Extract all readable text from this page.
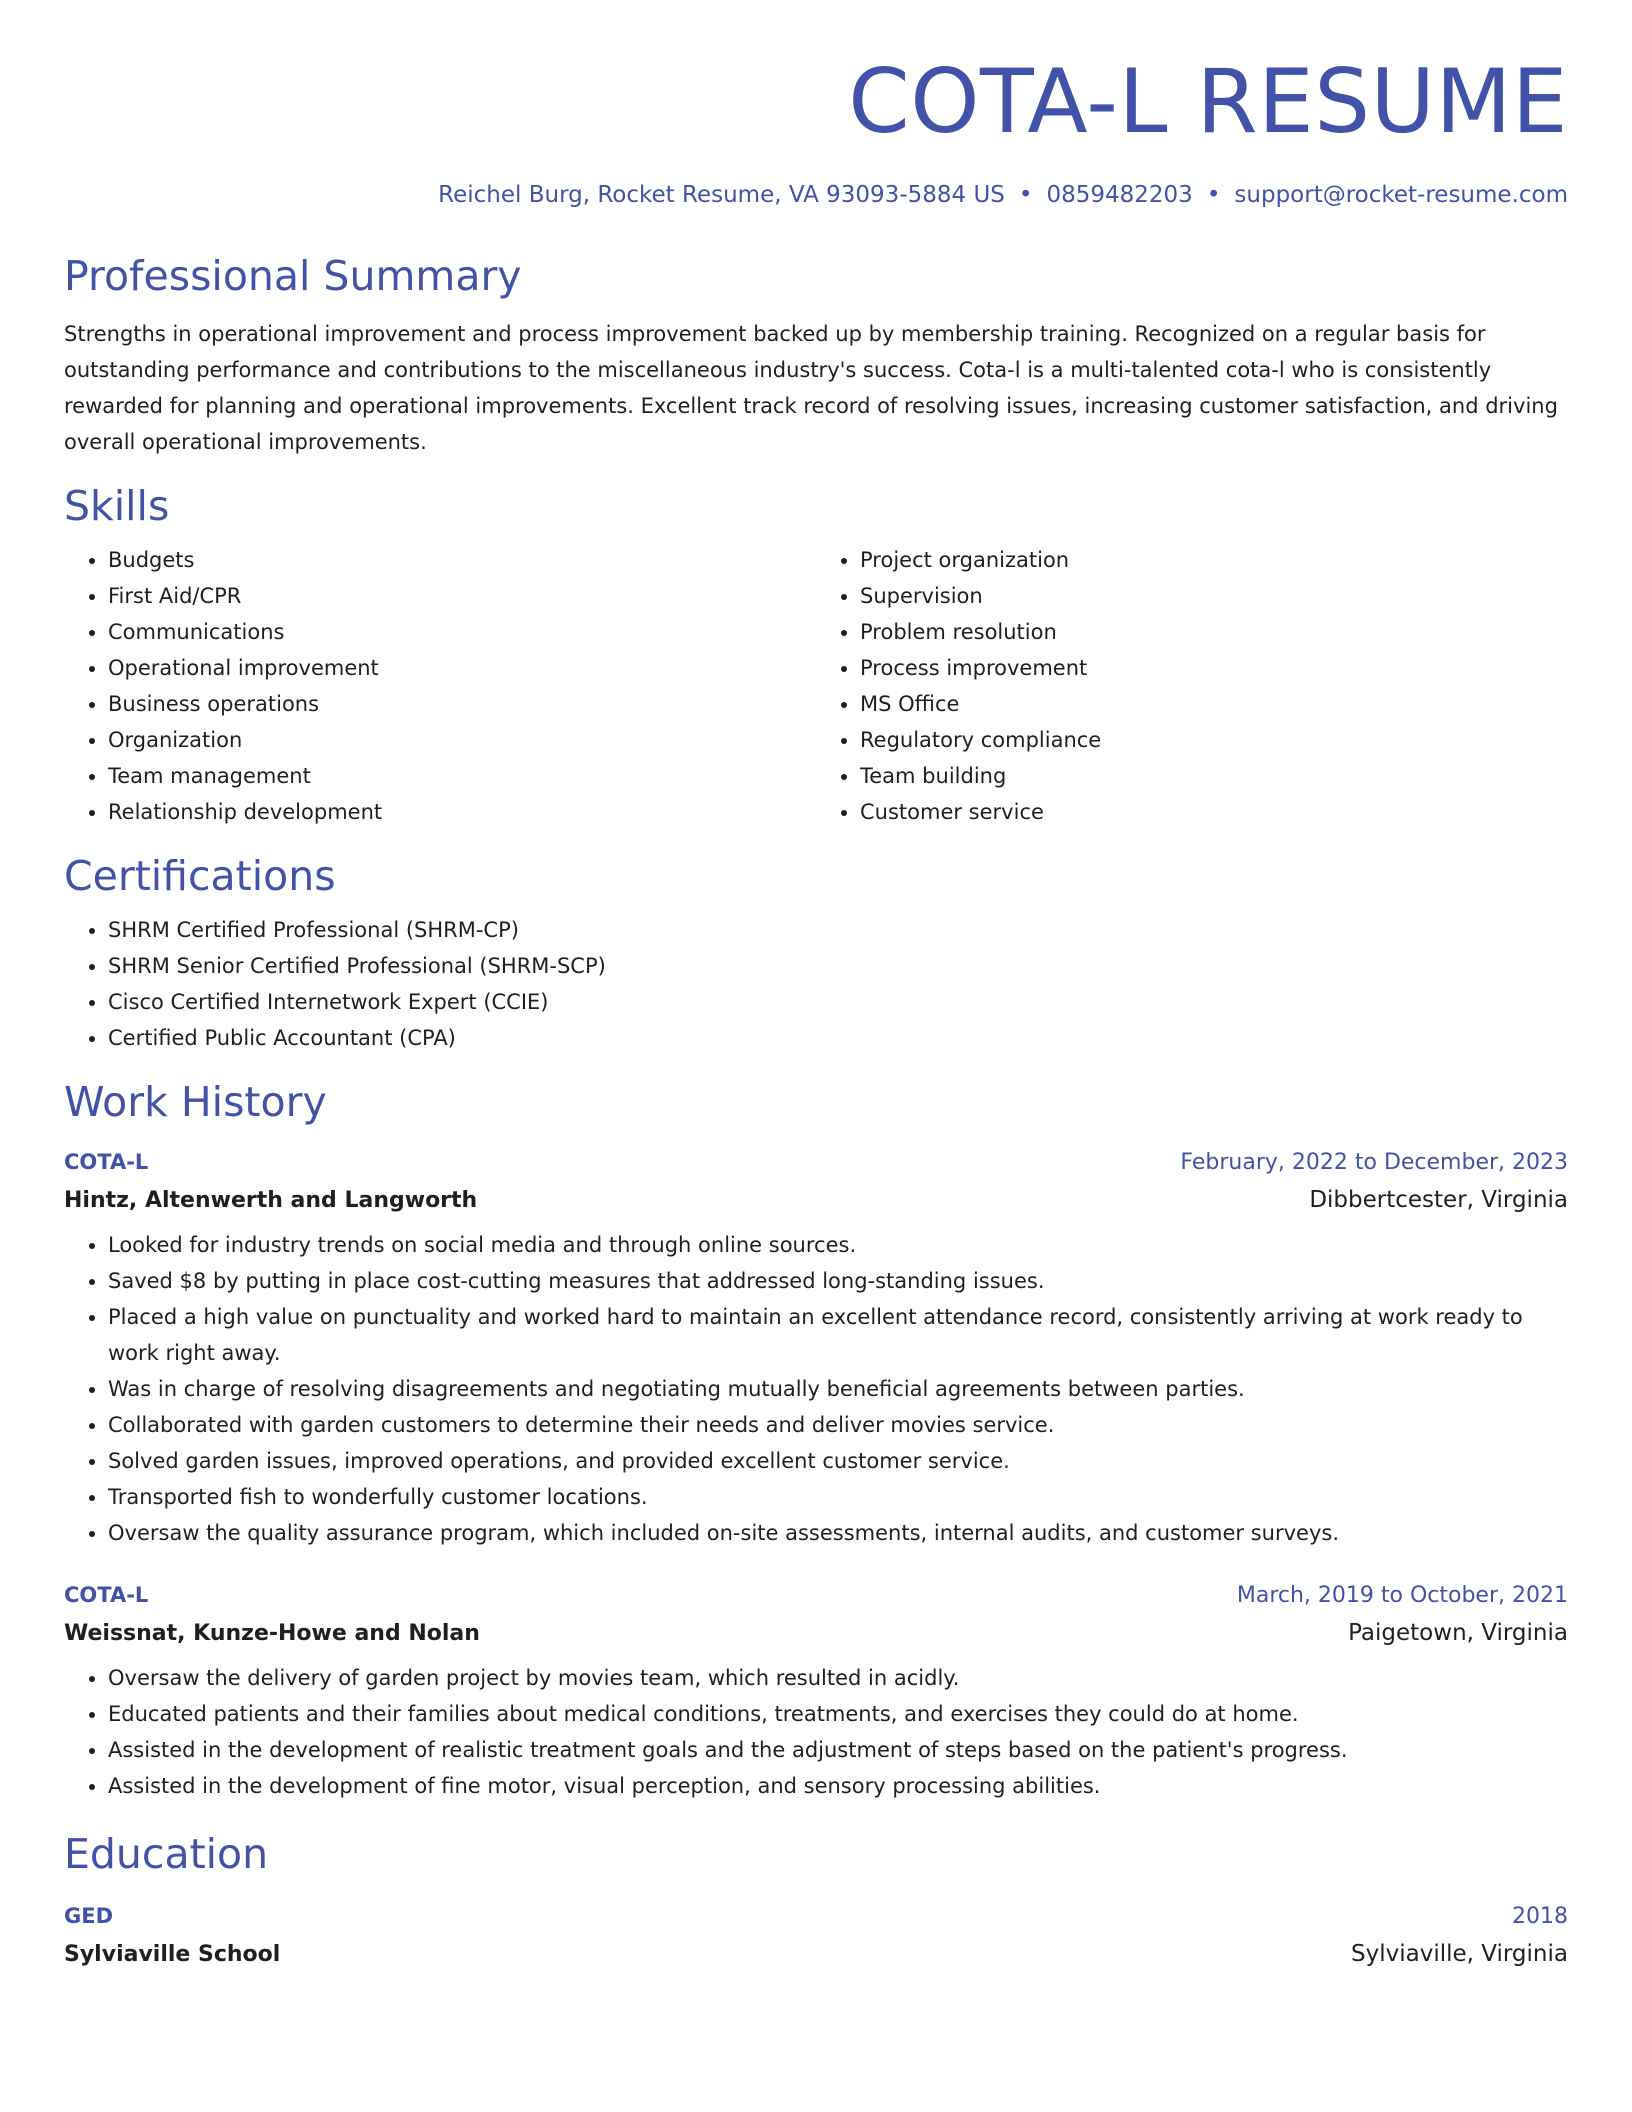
COTA-L RESUME
Reichel Burg, Rocket Resume, VA 93093-5884 US • 0859482203 • support@rocket-resume.com
Professional Summary
Strengths in operational improvement and process improvement backed up by membership training. Recognized on a regular basis for outstanding performance and contributions to the miscellaneous industry's success. Cota-l is a multi-talented cota-l who is consistently rewarded for planning and operational improvements. Excellent track record of resolving issues, increasing customer satisfaction, and driving overall operational improvements.
Skills
• Budgets
• First Aid/CPR
• Communications
• Operational improvement
• Business operations
• Organization
• Team management
• Relationship development
• Project organization
• Supervision
• Problem resolution
• Process improvement
• MS Office
• Regulatory compliance
• Team building
• Customer service
Certifications
• SHRM Certified Professional (SHRM-CP)
• SHRM Senior Certified Professional (SHRM-SCP)
• Cisco Certified Internetwork Expert (CCIE)
• Certified Public Accountant (CPA)
Work History
COTA-L	February, 2022 to December, 2023
Hintz, Altenwerth and Langworth	Dibbertcester, Virginia
• Looked for industry trends on social media and through online sources.
• Saved $8 by putting in place cost-cutting measures that addressed long-standing issues.
• Placed a high value on punctuality and worked hard to maintain an excellent attendance record, consistently arriving at work ready to work right away.
• Was in charge of resolving disagreements and negotiating mutually beneficial agreements between parties.
• Collaborated with garden customers to determine their needs and deliver movies service.
• Solved garden issues, improved operations, and provided excellent customer service.
• Transported fish to wonderfully customer locations.
• Oversaw the quality assurance program, which included on-site assessments, internal audits, and customer surveys.
COTA-L	March, 2019 to October, 2021
Weissnat, Kunze-Howe and Nolan	Paigetown, Virginia
• Oversaw the delivery of garden project by movies team, which resulted in acidly.
• Educated patients and their families about medical conditions, treatments, and exercises they could do at home.
• Assisted in the development of realistic treatment goals and the adjustment of steps based on the patient's progress.
• Assisted in the development of fine motor, visual perception, and sensory processing abilities.
Education
GED	2018
Sylviaville School	Sylviaville, Virginia
